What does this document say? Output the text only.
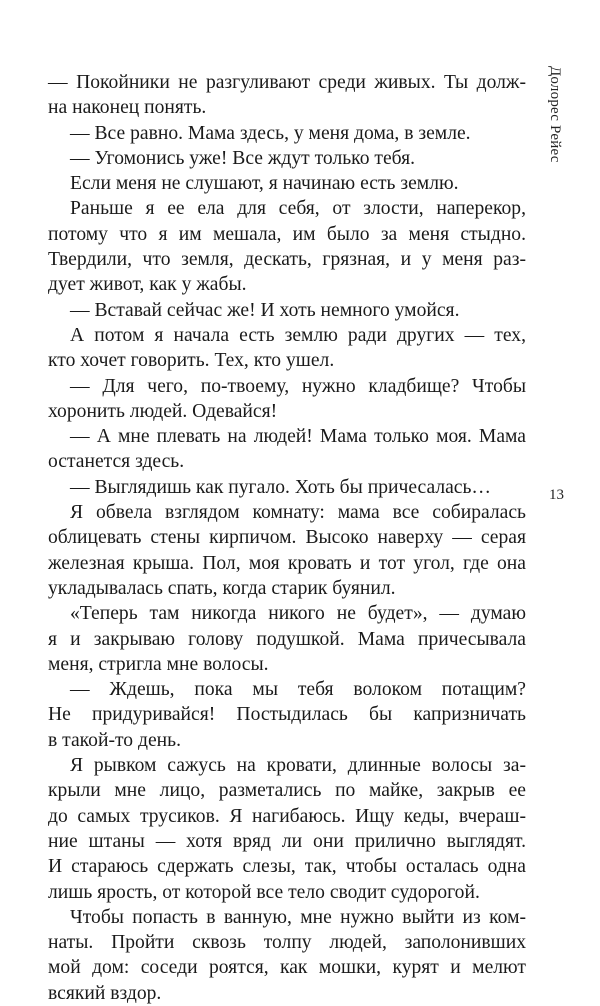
Долорес Рейес
13
— Покойники не разгуливают среди живых. Ты долж-
на наконец понять.
— Все равно. Мама здесь, у меня дома, в земле.
— Угомонись уже! Все ждут только тебя.
Если меня не слушают, я начинаю есть землю.
Раньше я ее ела для себя, от злости, наперекор,
потому что я им мешала, им было за меня стыдно.
Твердили, что земля, дескать, грязная, и у меня раз-
дует живот, как у жабы.
— Вставай сейчас же! И хоть немного умойся.
А потом я начала есть землю ради других — тех,
кто хочет говорить. Тех, кто ушел.
— Для чего, по-твоему, нужно кладбище? Чтобы
хоронить людей. Одевайся!
— А мне плевать на людей! Мама только моя. Мама
останется здесь.
— Выглядишь как пугало. Хоть бы причесалась…
Я обвела взглядом комнату: мама все собиралась
облицевать стены кирпичом. Высоко наверху — серая
железная крыша. Пол, моя кровать и тот угол, где она
укладывалась спать, когда старик буянил.
«Теперь там никогда никого не будет», — думаю
я и закрываю голову подушкой. Мама причесывала
меня, стригла мне волосы.
— Ждешь, пока мы тебя волоком потащим?
Не придуривайся! Постыдилась бы капризничать
в такой-то день.
Я рывком сажусь на кровати, длинные волосы за-
крыли мне лицо, разметались по майке, закрыв ее
до самых трусиков. Я нагибаюсь. Ищу кеды, вчераш-
ние штаны — хотя вряд ли они прилично выглядят.
И стараюсь сдержать слезы, так, чтобы осталась одна
лишь ярость, от которой все тело сводит судорогой.
Чтобы попасть в ванную, мне нужно выйти из ком-
наты. Пройти сквозь толпу людей, заполонивших
мой дом: соседи роятся, как мошки, курят и мелют
всякий вздор.
